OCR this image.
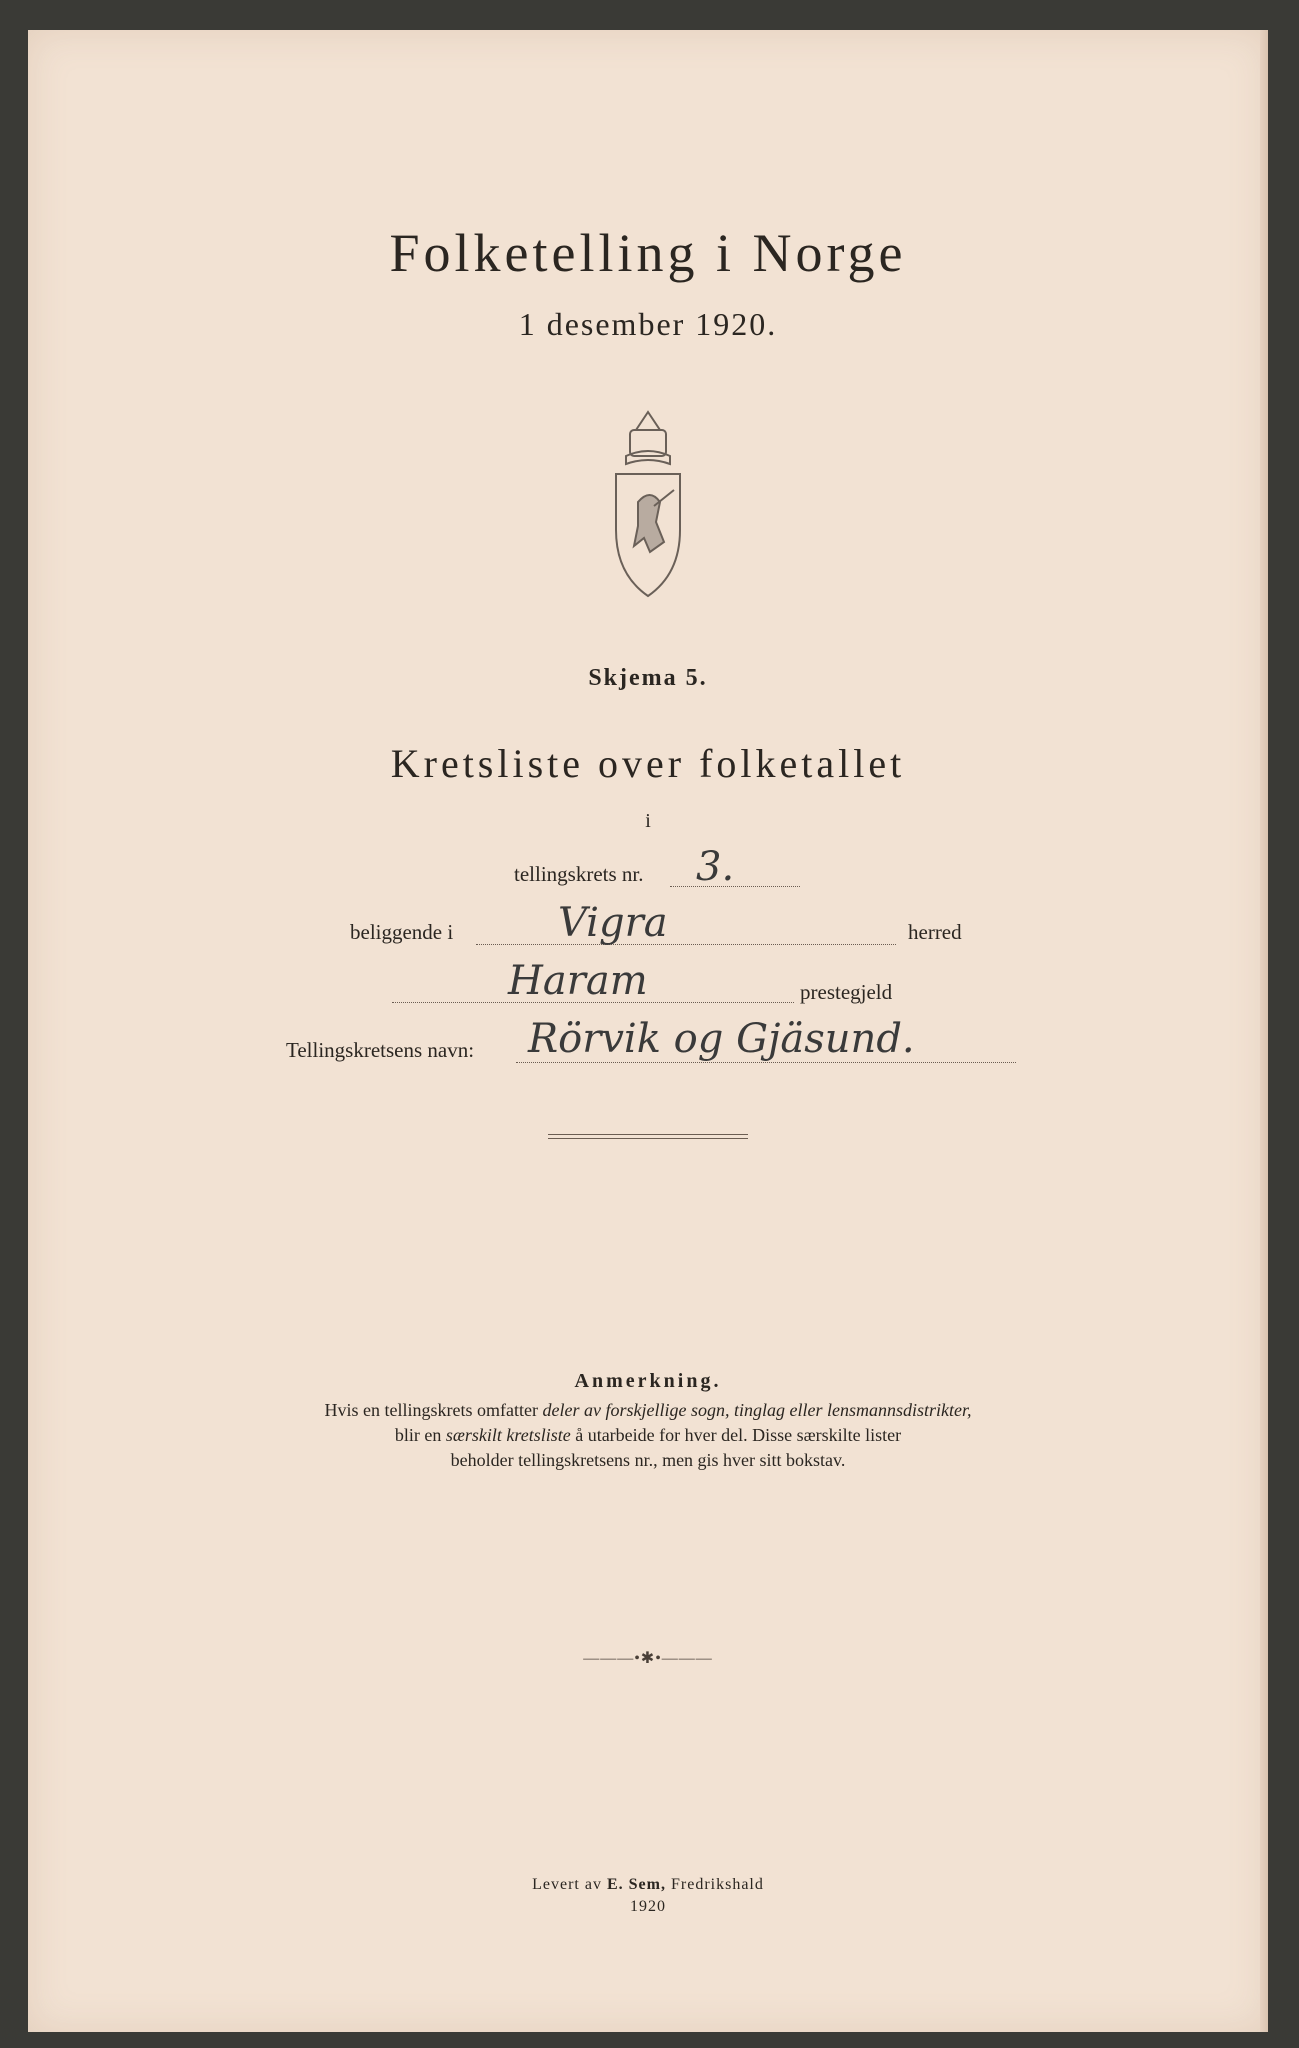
Folketelling i Norge
1 desember 1920.
Skjema 5.
Kretsliste over folketallet
i
tellingskrets nr. 3.
beliggende i	Vigra	herred
Haram	prestegjeld
Tellingskretsens navn: Rörvik og Gjäsund.
Anmerkning.
Hvis en tellingskrets omfatter deler av forskjellige sogn, tinglag eller lensmannsdistrikter,
blir en særskilt kretsliste å utarbeide for hver del. Disse særskilte lister
beholder tellingskretsens nr., men gis hver sitt bokstav.
———•✱•———
Levert av E. Sem, Fredrikshald
1920
